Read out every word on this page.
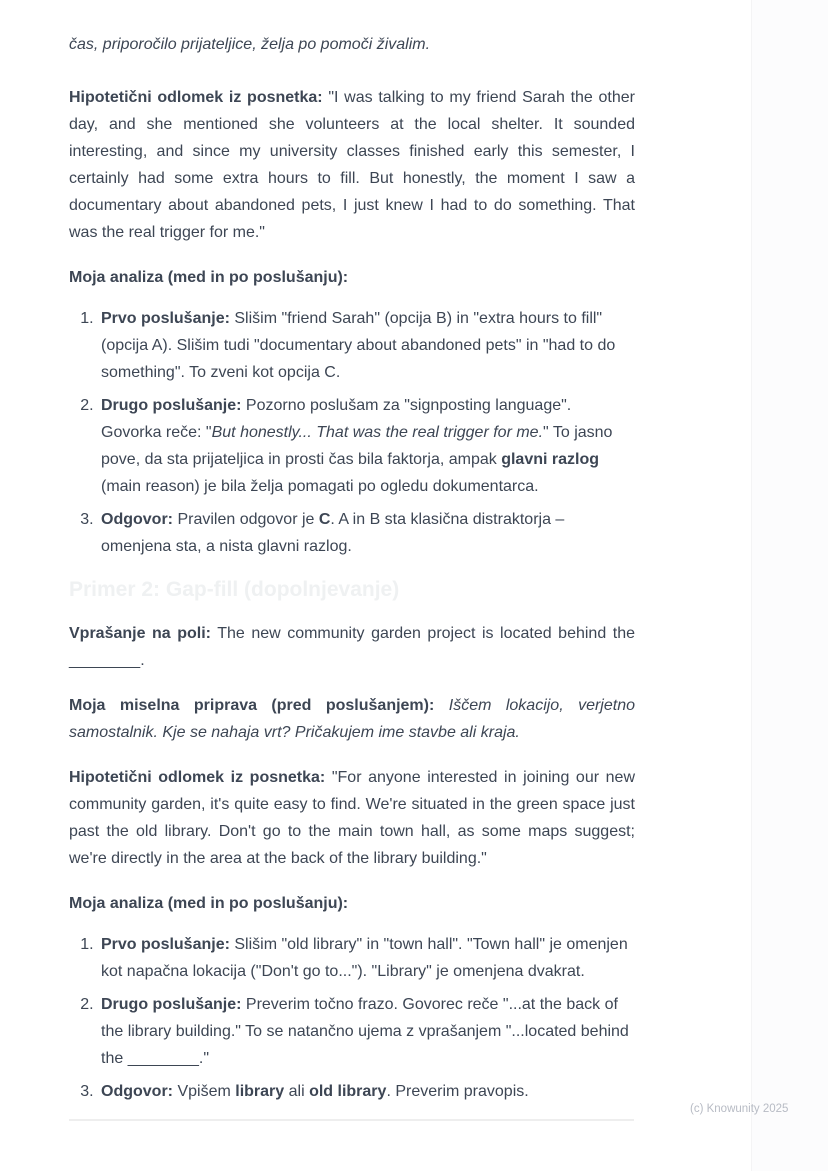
čas, priporočilo prijateljice, želja po pomoči živalim.

Hipotetični odlomek iz posnetka: "I was talking to my friend Sarah the other day, and she mentioned she volunteers at the local shelter. It sounded interesting, and since my university classes finished early this semester, I certainly had some extra hours to fill. But honestly, the moment I saw a documentary about abandoned pets, I just knew I had to do something. That was the real trigger for me."

Moja analiza (med in po poslušanju):

1. Prvo poslušanje: Slišim "friend Sarah" (opcija B) in "extra hours to fill" (opcija A). Slišim tudi "documentary about abandoned pets" in "had to do something". To zveni kot opcija C.
2. Drugo poslušanje: Pozorno poslušam za "signposting language". Govorka reče: "But honestly... That was the real trigger for me." To jasno pove, da sta prijateljica in prosti čas bila faktorja, ampak glavni razlog (main reason) je bila želja pomagati po ogledu dokumentarca.
3. Odgovor: Pravilen odgovor je C. A in B sta klasična distraktorja – omenjena sta, a nista glavni razlog.
Primer 2: Gap-fill (dopolnjevanje)

Vprašanje na poli: The new community garden project is located behind the ________.

Moja miselna priprava (pred poslušanjem): Iščem lokacijo, verjetno samostalnik. Kje se nahaja vrt? Pričakujem ime stavbe ali kraja.

Hipotetični odlomek iz posnetka: "For anyone interested in joining our new community garden, it's quite easy to find. We're situated in the green space just past the old library. Don't go to the main town hall, as some maps suggest; we're directly in the area at the back of the library building."

Moja analiza (med in po poslušanju):

1. Prvo poslušanje: Slišim "old library" in "town hall". "Town hall" je omenjen kot napačna lokacija ("Don't go to..."). "Library" je omenjena dvakrat.
2. Drugo poslušanje: Preverim točno frazo. Govorec reče "...at the back of the library building." To se natančno ujema z vprašanjem "...located behind the ________."
3. Odgovor: Vpišem library ali old library. Preverim pravopis.
(c) Knowunity 2025
